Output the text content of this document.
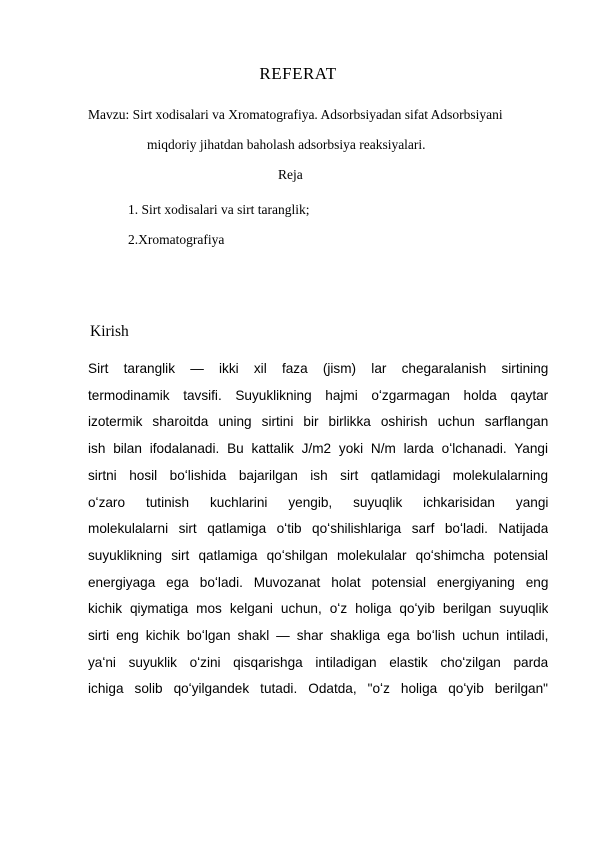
REFERAT
Mavzu: Sirt xodisalari va Xromatografiya. Adsorbsiyadan sifat Adsorbsiyani
miqdoriy jihatdan baholash adsorbsiya reaksiyalari.
Reja
1. Sirt xodisalari va sirt taranglik;
2.Xromatografiya
Kirish
Sirt taranglik — ikki xil faza (jism) lar chegaralanish sirtining
termodinamik tavsifi. Suyuklikning hajmi oʻzgarmagan holda qaytar
izotermik sharoitda uning sirtini bir birlikka oshirish uchun sarflangan
ish bilan ifodalanadi. Bu kattalik J/m2 yoki N/m larda oʻlchanadi. Yangi
sirtni hosil boʻlishida bajarilgan ish sirt qatlamidagi molekulalarning
oʻzaro tutinish kuchlarini yengib, suyuqlik ichkarisidan yangi
molekulalarni sirt qatlamiga oʻtib qoʻshilishlariga sarf boʻladi. Natijada
suyuklikning sirt qatlamiga qoʻshilgan molekulalar qoʻshimcha potensial
energiyaga ega boʻladi. Muvozanat holat potensial energiyaning eng
kichik qiymatiga mos kelgani uchun, oʻz holiga qoʻyib berilgan suyuqlik
sirti eng kichik boʻlgan shakl — shar shakliga ega boʻlish uchun intiladi,
yaʻni suyuklik oʻzini qisqarishga intiladigan elastik choʻzilgan parda
ichiga solib qoʻyilgandek tutadi. Odatda, "oʻz holiga qoʻyib berilgan"
